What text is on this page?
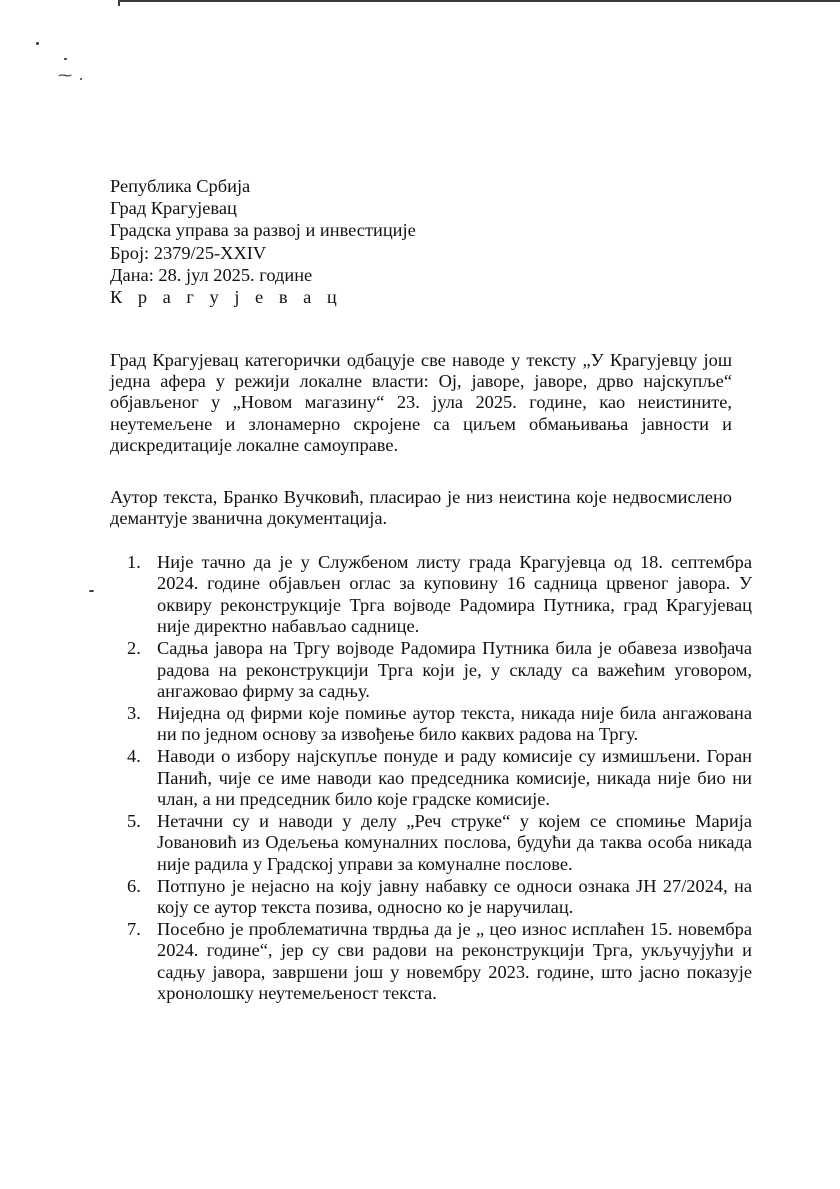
⁓
Република Србија
Град Крагујевац
Градска управа за развој и инвестиције
Број: 2379/25-XXIV
Дана: 28. јул 2025. године
К р а г у ј е в а ц

Град Крагујевац категорички одбацује све наводе у тексту „У Крагујевцу још једна афера у режији локалне власти: Ој, јаворе, јаворе, дрво најскупље“ објављеног у „Новом магазину“ 23. јула 2025. године, као неистините, неутемељене и злонамерно скројене са циљем обмањивања јавности и дискредитације локалне самоуправе.

Аутор текста, Бранко Вучковић, пласирао је низ неистина које недвосмислено демантује званична документација.

1. Није тачно да је у Службеном листу града Крагујевца од 18. септембра 2024. године објављен оглас за куповину 16 садница црвеног јавора. У оквиру реконструкције Трга војводе Радомира Путника, град Крагујевац није директно набављао саднице.
2. Садња јавора на Тргу војводе Радомира Путника била је обавеза извођача радова на реконструкцији Трга који је, у складу са важећим уговором, ангажовао фирму за садњу.
3. Ниједна од фирми које помиње аутор текста, никада није била ангажована ни по једном основу за извођење било каквих радова на Тргу.
4. Наводи о избору најскупље понуде и раду комисије су измишљени. Горан Панић, чије се име наводи као председника комисије, никада није био ни члан, а ни председник било које градске комисије.
5. Нетачни су и наводи у делу „Реч струке“ у којем се спомиње Марија Јовановић из Одељења комуналних послова, будући да таква особа никада није радила у Градској управи за комуналне послове.
6. Потпуно је нејасно на коју јавну набавку се односи ознака ЈН 27/2024, на коју се аутор текста позива, односно ко је наручилац.
7. Посебно је проблематична тврдња да је „ цео износ исплаћен 15. новембра 2024. године“, јер су сви радови на реконструкцији Трга, укључујући и садњу јавора, завршени још у новембру 2023. године, што јасно показује хронолошку неутемељеност текста.
